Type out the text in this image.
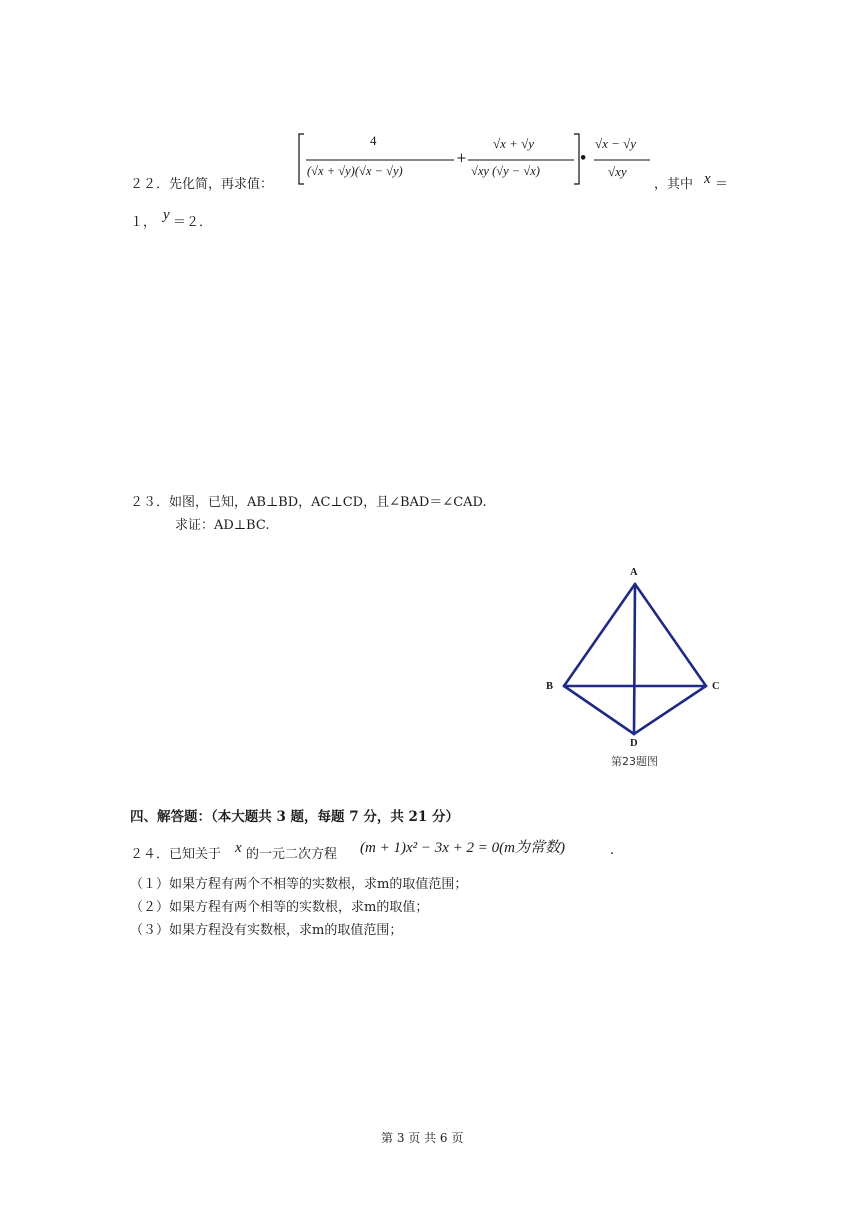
２２．先化简，再求值：
4
(√x + √y)(√x − √y)
+
√x + √y
√xy (√y − √x)
•
√x − √y
√xy
，其中 x ＝
１， y ＝２．
２３．如图，已知，AB⊥BD，AC⊥CD，且∠BAD＝∠CAD.
求证：AD⊥BC.
A
B	C
D
第23题图
四、解答题：（本大题共 3 题，每题 7 分，共 21 分）
２４．已知关于 x 的一元二次方程 (m + 1)x² − 3x + 2 = 0(m为常数)	.
（１）如果方程有两个不相等的实数根，求m的取值范围；
（２）如果方程有两个相等的实数根，求m的取值；
（３）如果方程没有实数根，求m的取值范围；
第 3 页 共 6 页
